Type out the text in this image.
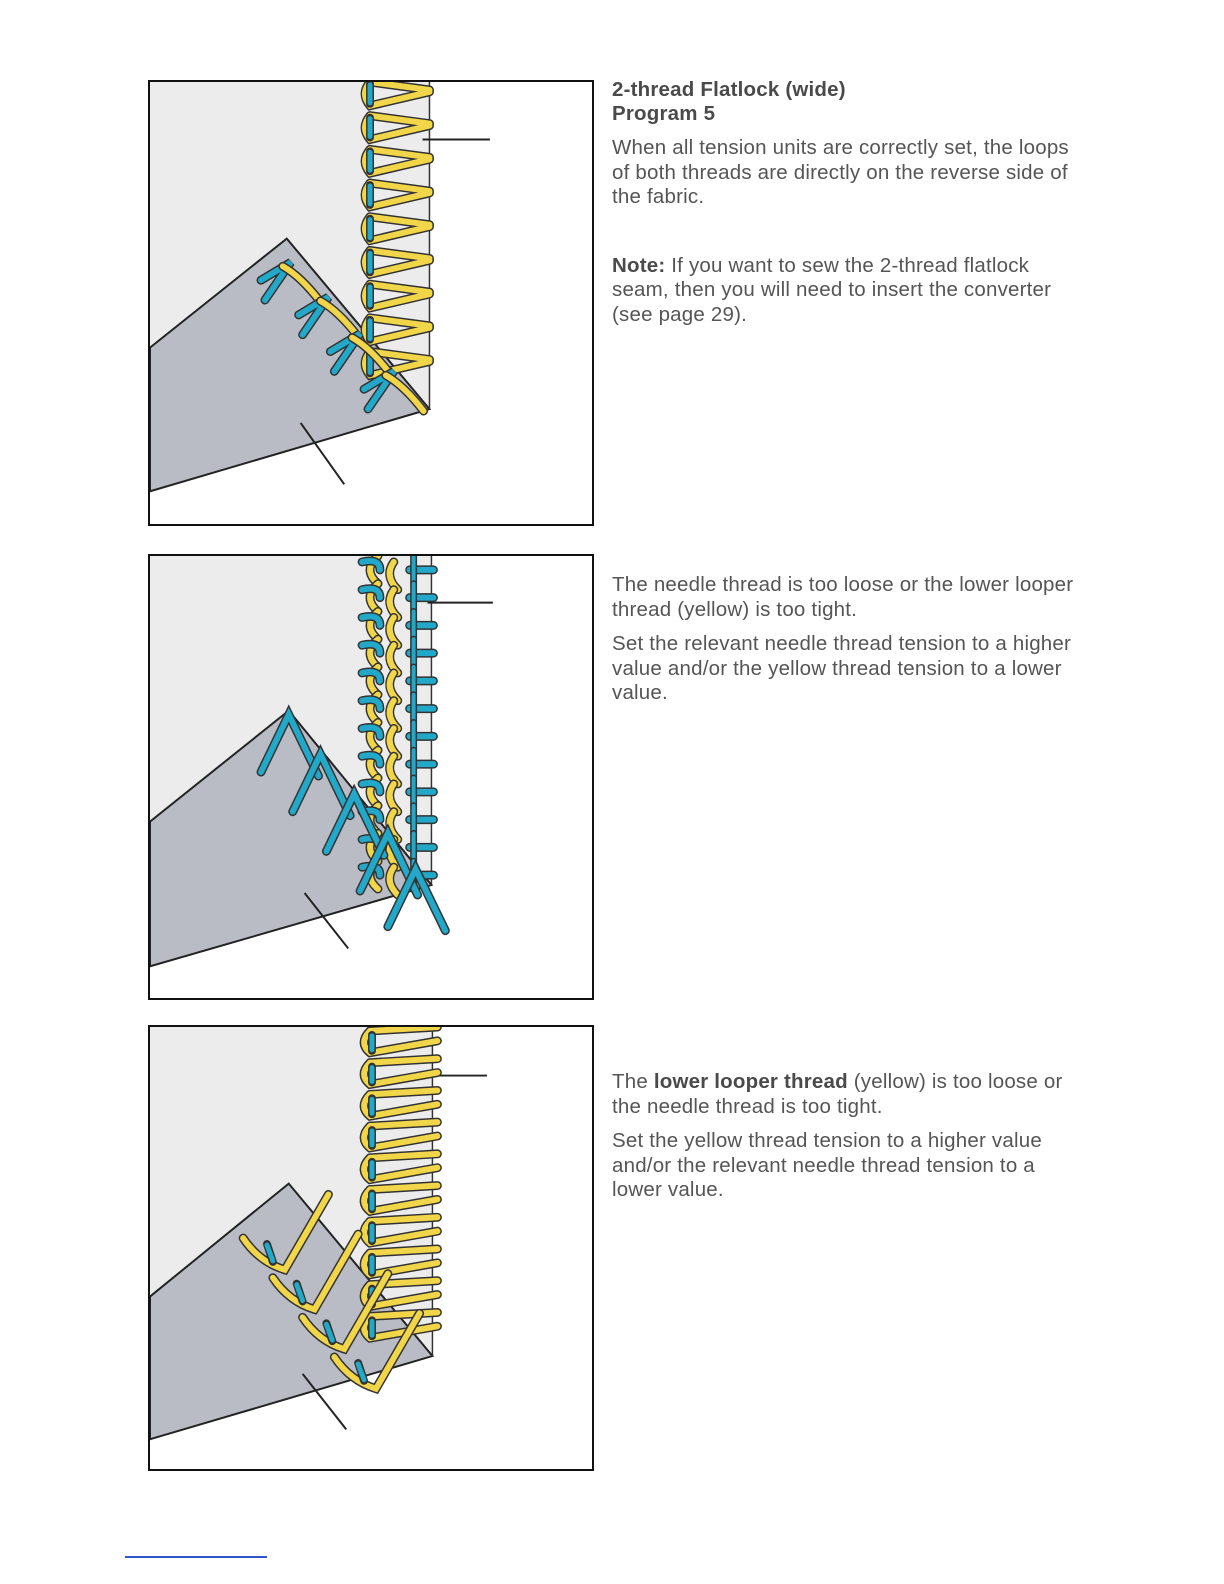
2-thread Flatlock (wide)
Program 5

When all tension units are correctly set, the loops of both threads are directly on the reverse side of the fabric.

Note: If you want to sew the 2-thread flatlock seam, then you will need to insert the converter (see page 29).

The needle thread is too loose or the lower looper thread (yellow) is too tight.

Set the relevant needle thread tension to a higher value and/or the yellow thread tension to a lower value.

The lower looper thread (yellow) is too loose or the needle thread is too tight.

Set the yellow thread tension to a higher value and/or the relevant needle thread tension to a lower value.
